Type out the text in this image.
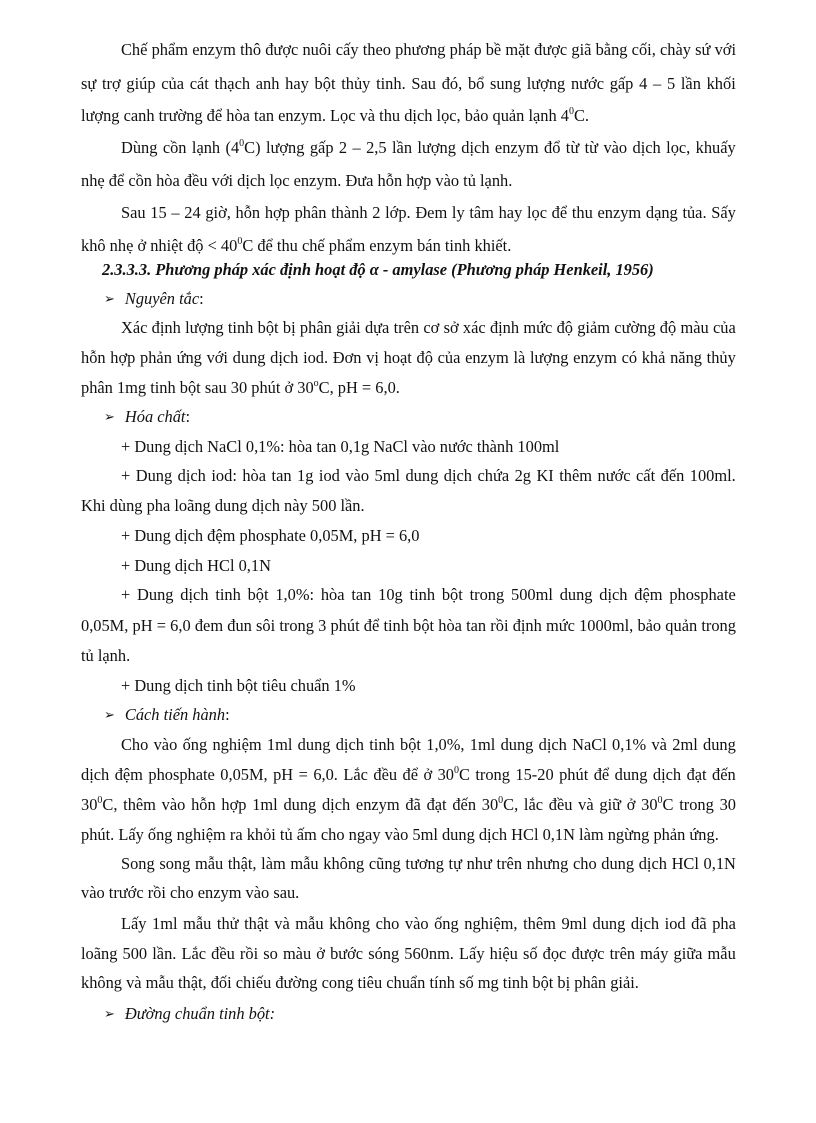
Chế phẩm enzym thô được nuôi cấy theo phương pháp bề mặt được giã bằng cối, chày sứ với
sự trợ giúp của cát thạch anh hay bột thủy tinh. Sau đó, bổ sung lượng nước gấp 4 – 5 lần khối
lượng canh trường để hòa tan enzym. Lọc và thu dịch lọc, bảo quản lạnh $4^0C$.
Dùng cồn lạnh $(4^0C)$ lượng gấp 2 – 2,5 lần lượng dịch enzym đổ từ từ vào dịch lọc, khuấy
nhẹ để cồn hòa đều với dịch lọc enzym. Đưa hỗn hợp vào tủ lạnh.
Sau 15 – 24 giờ, hỗn hợp phân thành 2 lớp. Đem ly tâm hay lọc để thu enzym dạng tủa. Sấy
khô nhẹ ở nhiệt độ < $40^0C$ để thu chế phẩm enzym bán tinh khiết.
2.3.3.3. Phương pháp xác định hoạt độ α - amylase (Phương pháp Henkeil, 1956)
➢ Nguyên tắc:
Xác định lượng tinh bột bị phân giải dựa trên cơ sở xác định mức độ giảm cường độ màu của
hỗn hợp phản ứng với dung dịch iod. Đơn vị hoạt độ của enzym là lượng enzym có khả năng thủy
phân 1mg tinh bột sau 30 phút ở 30$^o$C, pH = 6,0.
➢ Hóa chất:
+ Dung dịch NaCl 0,1%: hòa tan 0,1g NaCl vào nước thành 100ml
+ Dung dịch iod: hòa tan 1g iod vào 5ml dung dịch chứa 2g KI thêm nước cất đến 100ml.
Khi dùng pha loãng dung dịch này 500 lần.
+ Dung dịch đệm phosphate 0,05M, pH = 6,0
+ Dung dịch HCl 0,1N
+ Dung dịch tinh bột 1,0%: hòa tan 10g tinh bột trong 500ml dung dịch đệm phosphate
0,05M, pH = 6,0 đem đun sôi trong 3 phút để tinh bột hòa tan rồi định mức 1000ml, bảo quản trong
tủ lạnh.
+ Dung dịch tinh bột tiêu chuẩn 1%
➢ Cách tiến hành:
Cho vào ống nghiệm 1ml dung dịch tinh bột 1,0%, 1ml dung dịch NaCl 0,1% và 2ml dung
dịch đệm phosphate 0,05M, pH = 6,0. Lắc đều để ở $30^0C$ trong 15-20 phút để dung dịch đạt đến
$30^0C$, thêm vào hỗn hợp 1ml dung dịch enzym đã đạt đến $30^0C$, lắc đều và giữ ở $30^0C$ trong 30
phút. Lấy ống nghiệm ra khỏi tủ ấm cho ngay vào 5ml dung dịch HCl 0,1N làm ngừng phản ứng.
Song song mẫu thật, làm mẫu không cũng tương tự như trên nhưng cho dung dịch HCl 0,1N
vào trước rồi cho enzym vào sau.
Lấy 1ml mẫu thử thật và mẫu không cho vào ống nghiệm, thêm 9ml dung dịch iod đã pha
loãng 500 lần. Lắc đều rồi so màu ở bước sóng 560nm. Lấy hiệu số đọc được trên máy giữa mẫu
không và mẫu thật, đối chiếu đường cong tiêu chuẩn tính số mg tinh bột bị phân giải.
➢ Đường chuẩn tinh bột:
